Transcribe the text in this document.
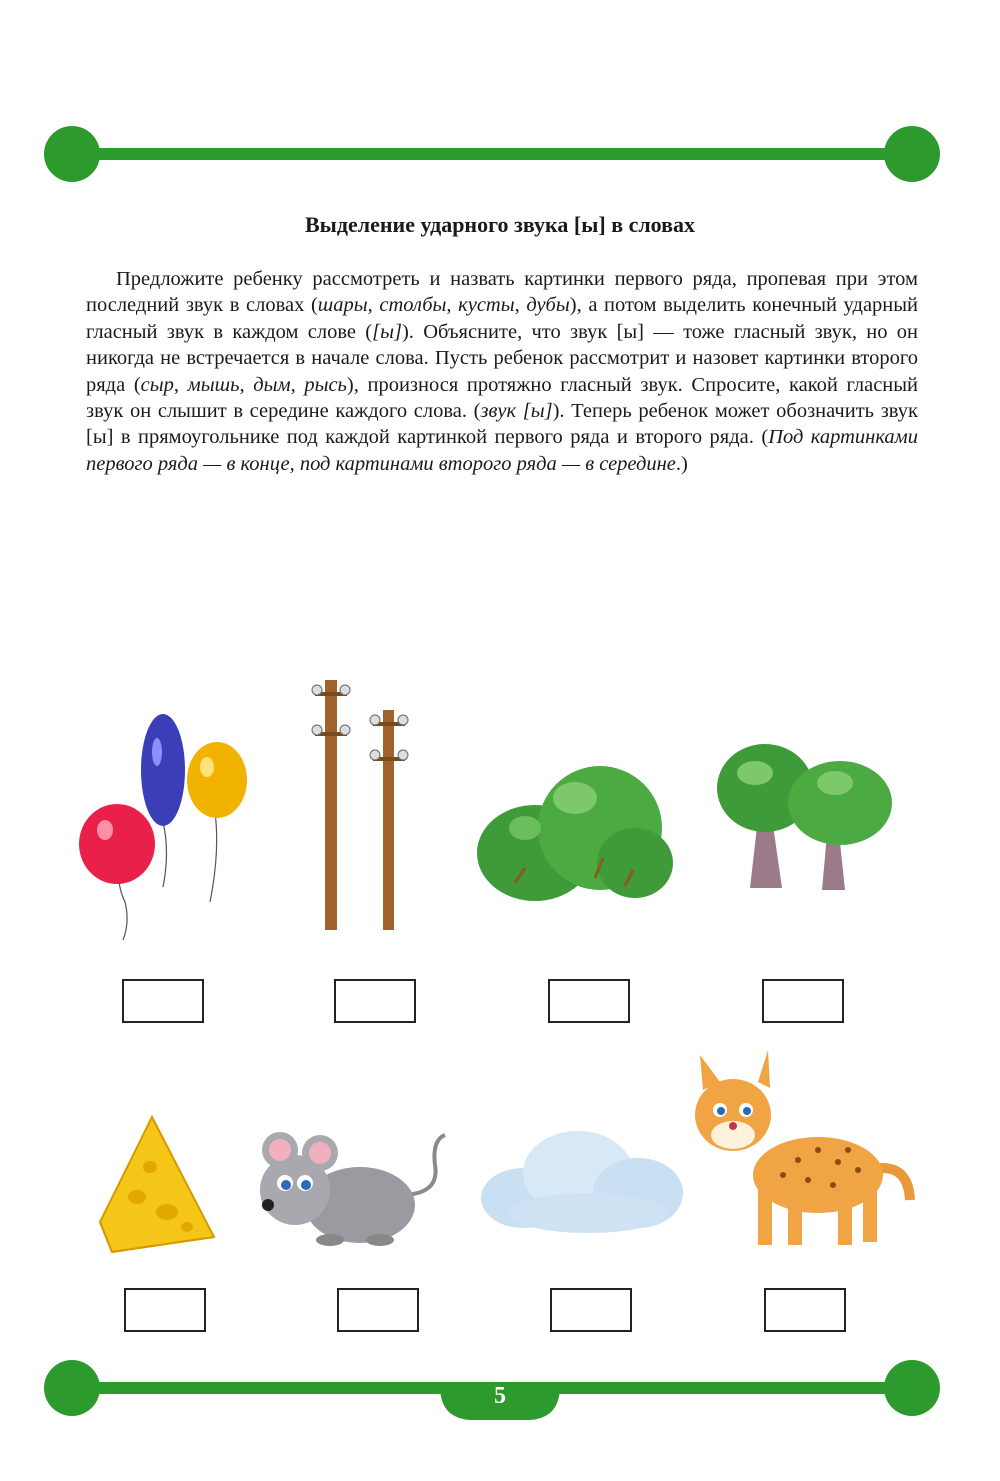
Выделение ударного звука [ы] в словах

Предложите ребенку рассмотреть и назвать картинки первого ряда, пропевая при этом последний звук в словах (шары, столбы, кусты, дубы), а потом выделить конечный ударный гласный звук в каждом слове ([ы]). Объясните, что звук [ы] — тоже гласный звук, но он никогда не встречается в начале слова. Пусть ребенок рассмотрит и назовет картинки второго ряда (сыр, мышь, дым, рысь), произнося протяжно гласный звук. Спросите, какой гласный звук он слышит в середине каждого слова. (звук [ы]). Теперь ребенок может обозначить звук [ы] в прямоугольнике под каждой картинкой первого ряда и второго ряда. (Под картинками первого ряда — в конце, под картинами второго ряда — в середине.)

5
